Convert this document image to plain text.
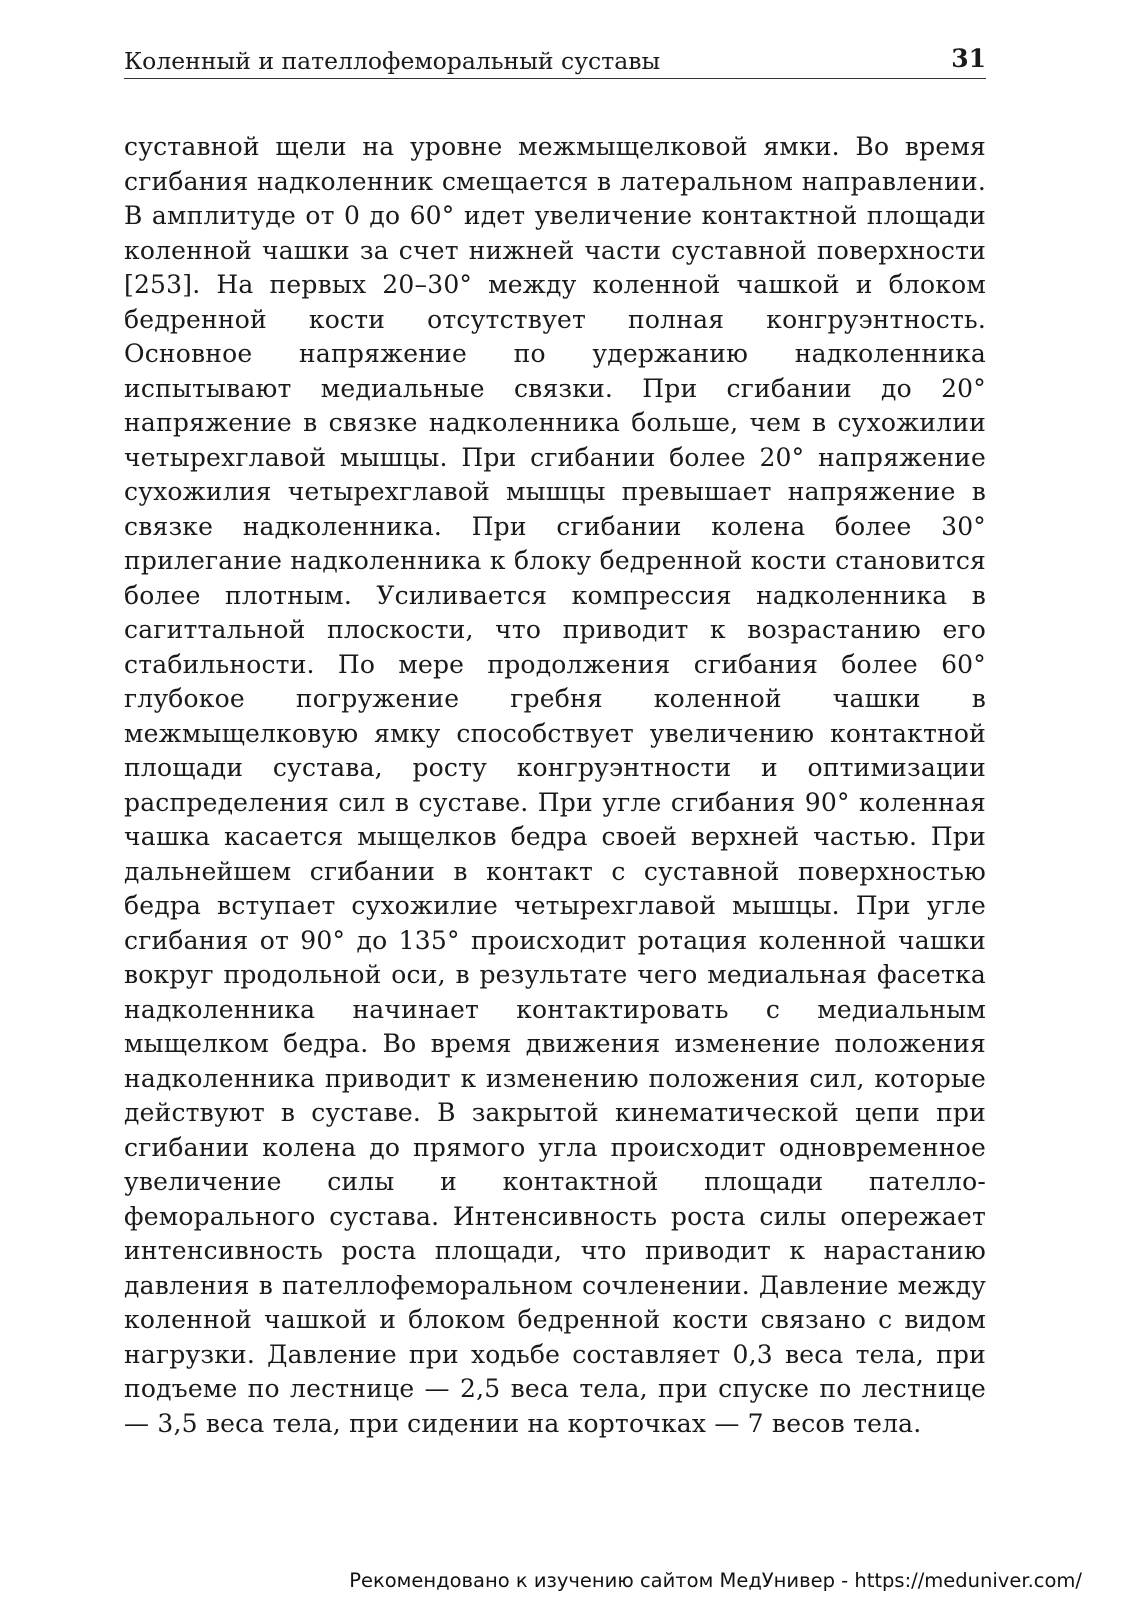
Коленный и пателлофеморальный суставы	31

суставной щели на уровне межмыщелковой ямки. Во время сгибания надколенник смещается в латеральном направлении. В амплитуде от 0 до 60° идет увеличение контактной площади коленной чашки за счет нижней части суставной поверхности [253]. На первых 20–30° между коленной чашкой и блоком бедренной кости отсутствует полная конгруэнтность. Основное напряжение по удержанию надколенника испытывают медиальные связки. При сгибании до 20° напряжение в связке надколенника больше, чем в сухожилии четырехглавой мышцы. При сгибании более 20° напряжение сухожилия четырехглавой мышцы превышает напряжение в связке надколенника. При сгибании колена более 30° прилегание надколенника к блоку бедренной кости становится более плотным. Усиливается компрессия надколенника в сагиттальной плоскости, что приводит к возрастанию его стабильности. По мере продолжения сгибания более 60° глубокое погружение гребня коленной чашки в межмыщелковую ямку способствует увеличению контактной площади сустава, росту конгруэнтности и оптимизации распределения сил в суставе. При угле сгибания 90° коленная чашка касается мыщелков бедра своей верхней частью. При дальнейшем сгибании в контакт с суставной поверхностью бедра вступает сухожилие четырехглавой мышцы. При угле сгибания от 90° до 135° происходит ротация коленной чашки вокруг продольной оси, в результате чего медиальная фасетка надколенника начинает контактировать с медиальным мыщелком бедра. Во время движения изменение положения надколенника приводит к изменению положения сил, которые действуют в суставе. В закрытой кинематической цепи при сгибании колена до прямого угла происходит одновременное увеличение силы и контактной площади пателло-феморального сустава. Интенсивность роста силы опережает интенсивность роста площади, что приводит к нарастанию давления в пателлофеморальном сочленении. Давление между коленной чашкой и блоком бедренной кости связано с видом нагрузки. Давление при ходьбе составляет 0,3 веса тела, при подъеме по лестнице — 2,5 веса тела, при спуске по лестнице — 3,5 веса тела, при сидении на корточках — 7 весов тела.

Рекомендовано к изучению сайтом МедУнивер - https://meduniver.com/
